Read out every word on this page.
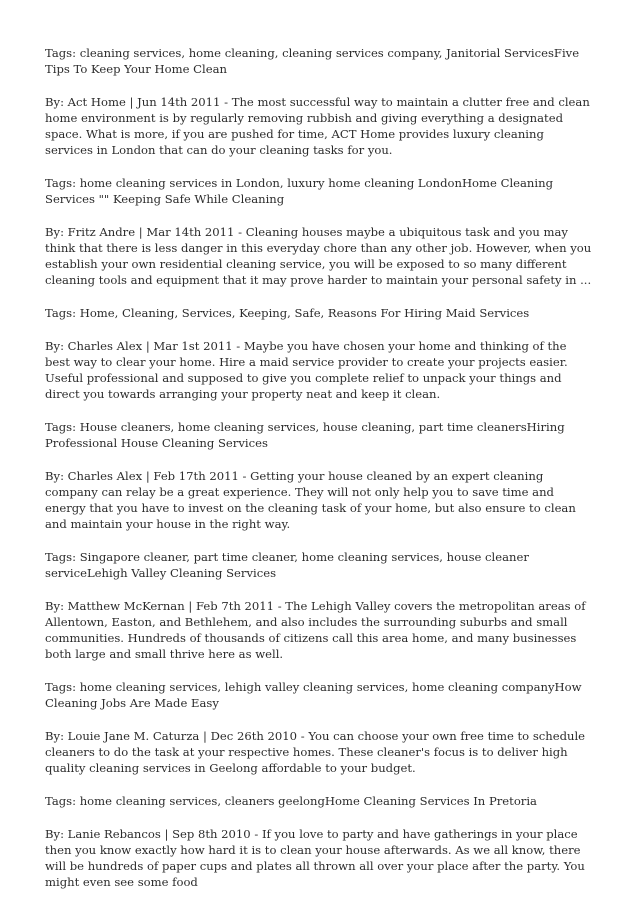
Tags: cleaning services, home cleaning, cleaning services company, Janitorial ServicesFive Tips To Keep Your Home Clean

By: Act Home | Jun 14th 2011 - The most successful way to maintain a clutter free and clean home environment is by regularly removing rubbish and giving everything a designated space. What is more, if you are pushed for time, ACT Home provides luxury cleaning services in London that can do your cleaning tasks for you.

Tags: home cleaning services in London, luxury home cleaning LondonHome Cleaning Services "" Keeping Safe While Cleaning

By: Fritz Andre | Mar 14th 2011 - Cleaning houses maybe a ubiquitous task and you may think that there is less danger in this everyday chore than any other job. However, when you establish your own residential cleaning service, you will be exposed to so many different cleaning tools and equipment that it may prove harder to maintain your personal safety in ...

Tags: Home, Cleaning, Services, Keeping, Safe, Reasons For Hiring Maid Services

By: Charles Alex | Mar 1st 2011 - Maybe you have chosen your home and thinking of the best way to clear your home. Hire a maid service provider to create your projects easier. Useful professional and supposed to give you complete relief to unpack your things and direct you towards arranging your property neat and keep it clean.

Tags: House cleaners, home cleaning services, house cleaning, part time cleanersHiring Professional House Cleaning Services

By: Charles Alex | Feb 17th 2011 - Getting your house cleaned by an expert cleaning company can relay be a great experience. They will not only help you to save time and energy that you have to invest on the cleaning task of your home, but also ensure to clean and maintain your house in the right way.

Tags: Singapore cleaner, part time cleaner, home cleaning services, house cleaner serviceLehigh Valley Cleaning Services

By: Matthew McKernan | Feb 7th 2011 - The Lehigh Valley covers the metropolitan areas of Allentown, Easton, and Bethlehem, and also includes the surrounding suburbs and small communities. Hundreds of thousands of citizens call this area home, and many businesses both large and small thrive here as well.

Tags: home cleaning services, lehigh valley cleaning services, home cleaning companyHow Cleaning Jobs Are Made Easy

By: Louie Jane M. Caturza | Dec 26th 2010 - You can choose your own free time to schedule cleaners to do the task at your respective homes. These cleaner's focus is to deliver high quality cleaning services in Geelong affordable to your budget.

Tags: home cleaning services, cleaners geelongHome Cleaning Services In Pretoria

By: Lanie Rebancos | Sep 8th 2010 - If you love to party and have gatherings in your place then you know exactly how hard it is to clean your house afterwards. As we all know, there will be hundreds of paper cups and plates all thrown all over your place after the party. You might even see some food
